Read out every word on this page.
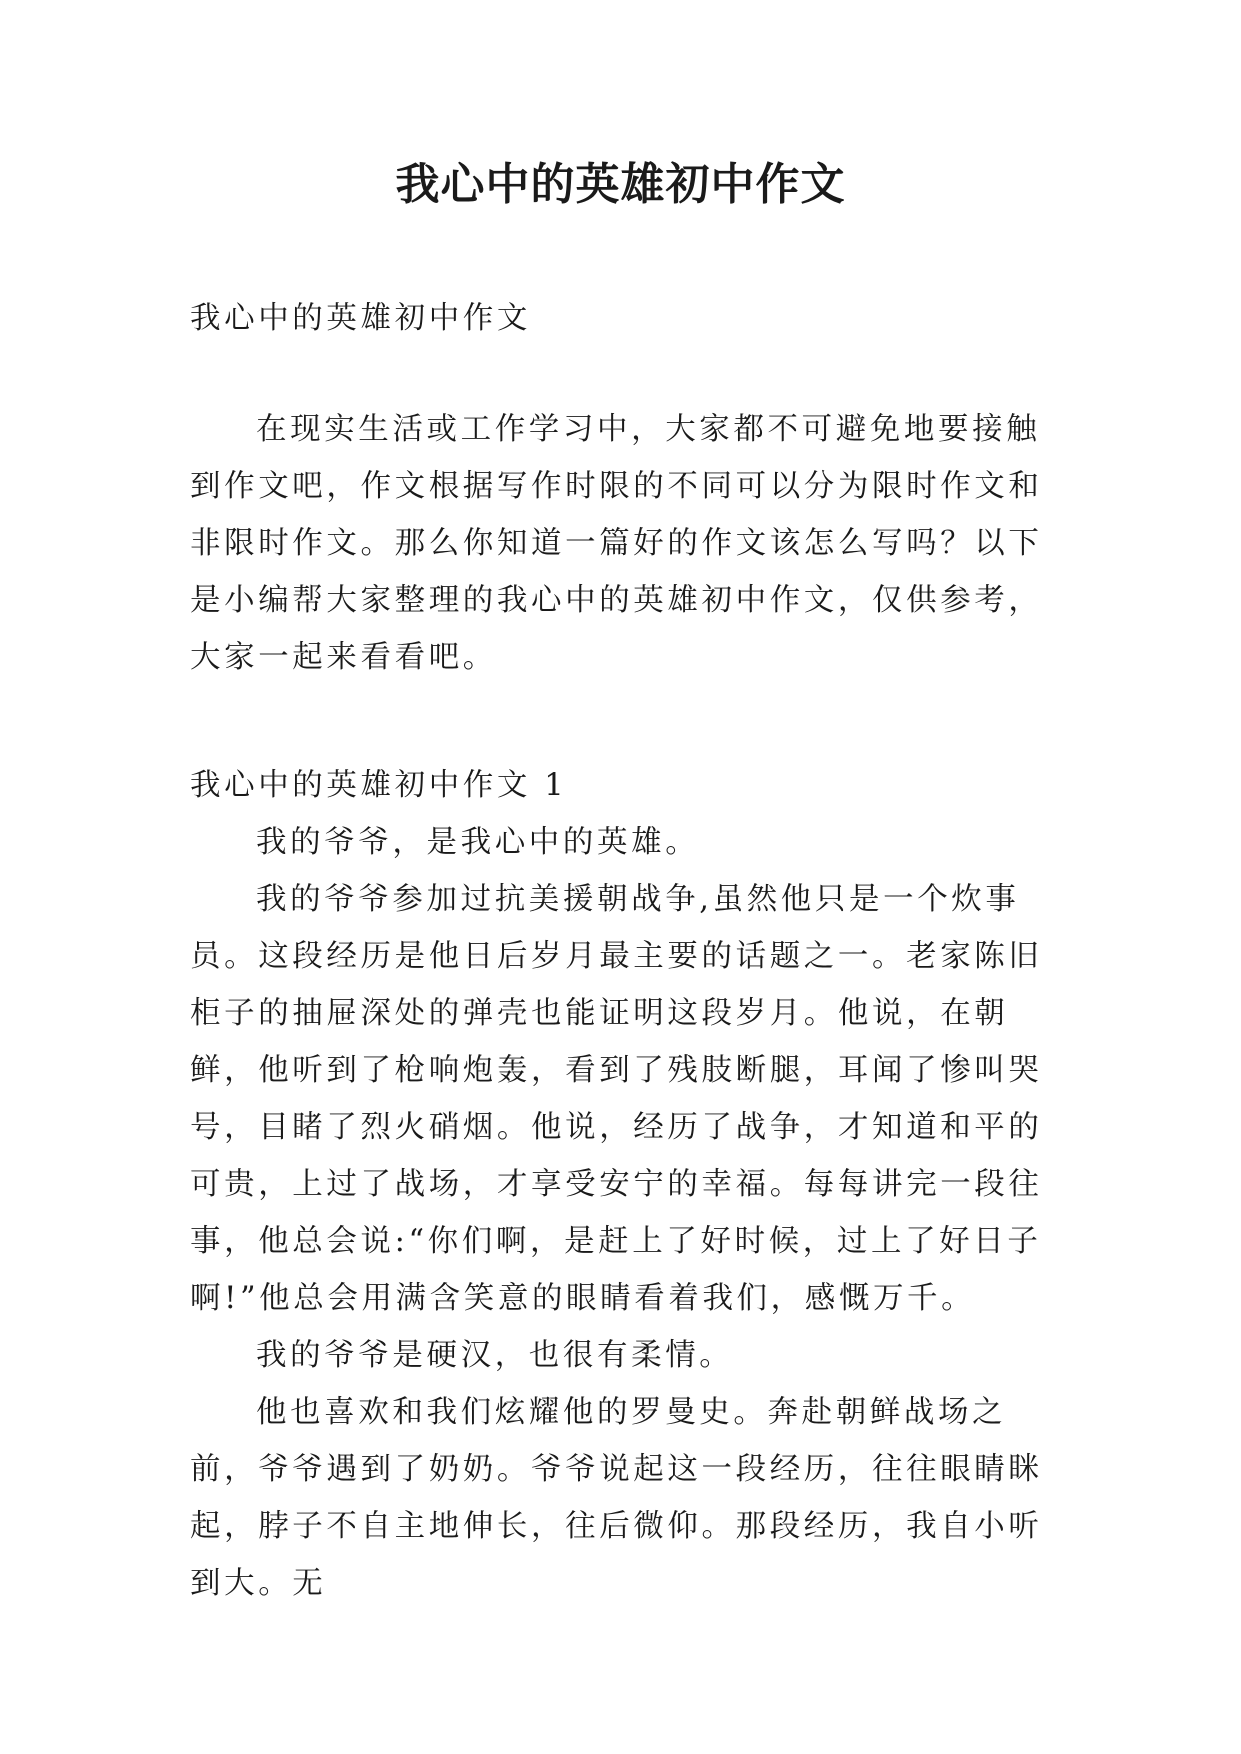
我心中的英雄初中作文

我心中的英雄初中作文

在现实生活或工作学习中，大家都不可避免地要接触到作文吧，作文根据写作时限的不同可以分为限时作文和非限时作文。那么你知道一篇好的作文该怎么写吗？以下是小编帮大家整理的我心中的英雄初中作文，仅供参考，大家一起来看看吧。

我心中的英雄初中作文 1

我的爷爷，是我心中的英雄。

我的爷爷参加过抗美援朝战争,虽然他只是一个炊事员。这段经历是他日后岁月最主要的话题之一。老家陈旧柜子的抽屉深处的弹壳也能证明这段岁月。他说，在朝鲜，他听到了枪响炮轰，看到了残肢断腿，耳闻了惨叫哭号，目睹了烈火硝烟。他说，经历了战争，才知道和平的可贵，上过了战场，才享受安宁的幸福。每每讲完一段往事，他总会说:“你们啊，是赶上了好时候，过上了好日子啊!”他总会用满含笑意的眼睛看着我们，感慨万千。

我的爷爷是硬汉，也很有柔情。

他也喜欢和我们炫耀他的罗曼史。奔赴朝鲜战场之前，爷爷遇到了奶奶。爷爷说起这一段经历，往往眼睛眯起，脖子不自主地伸长，往后微仰。那段经历，我自小听到大。无
